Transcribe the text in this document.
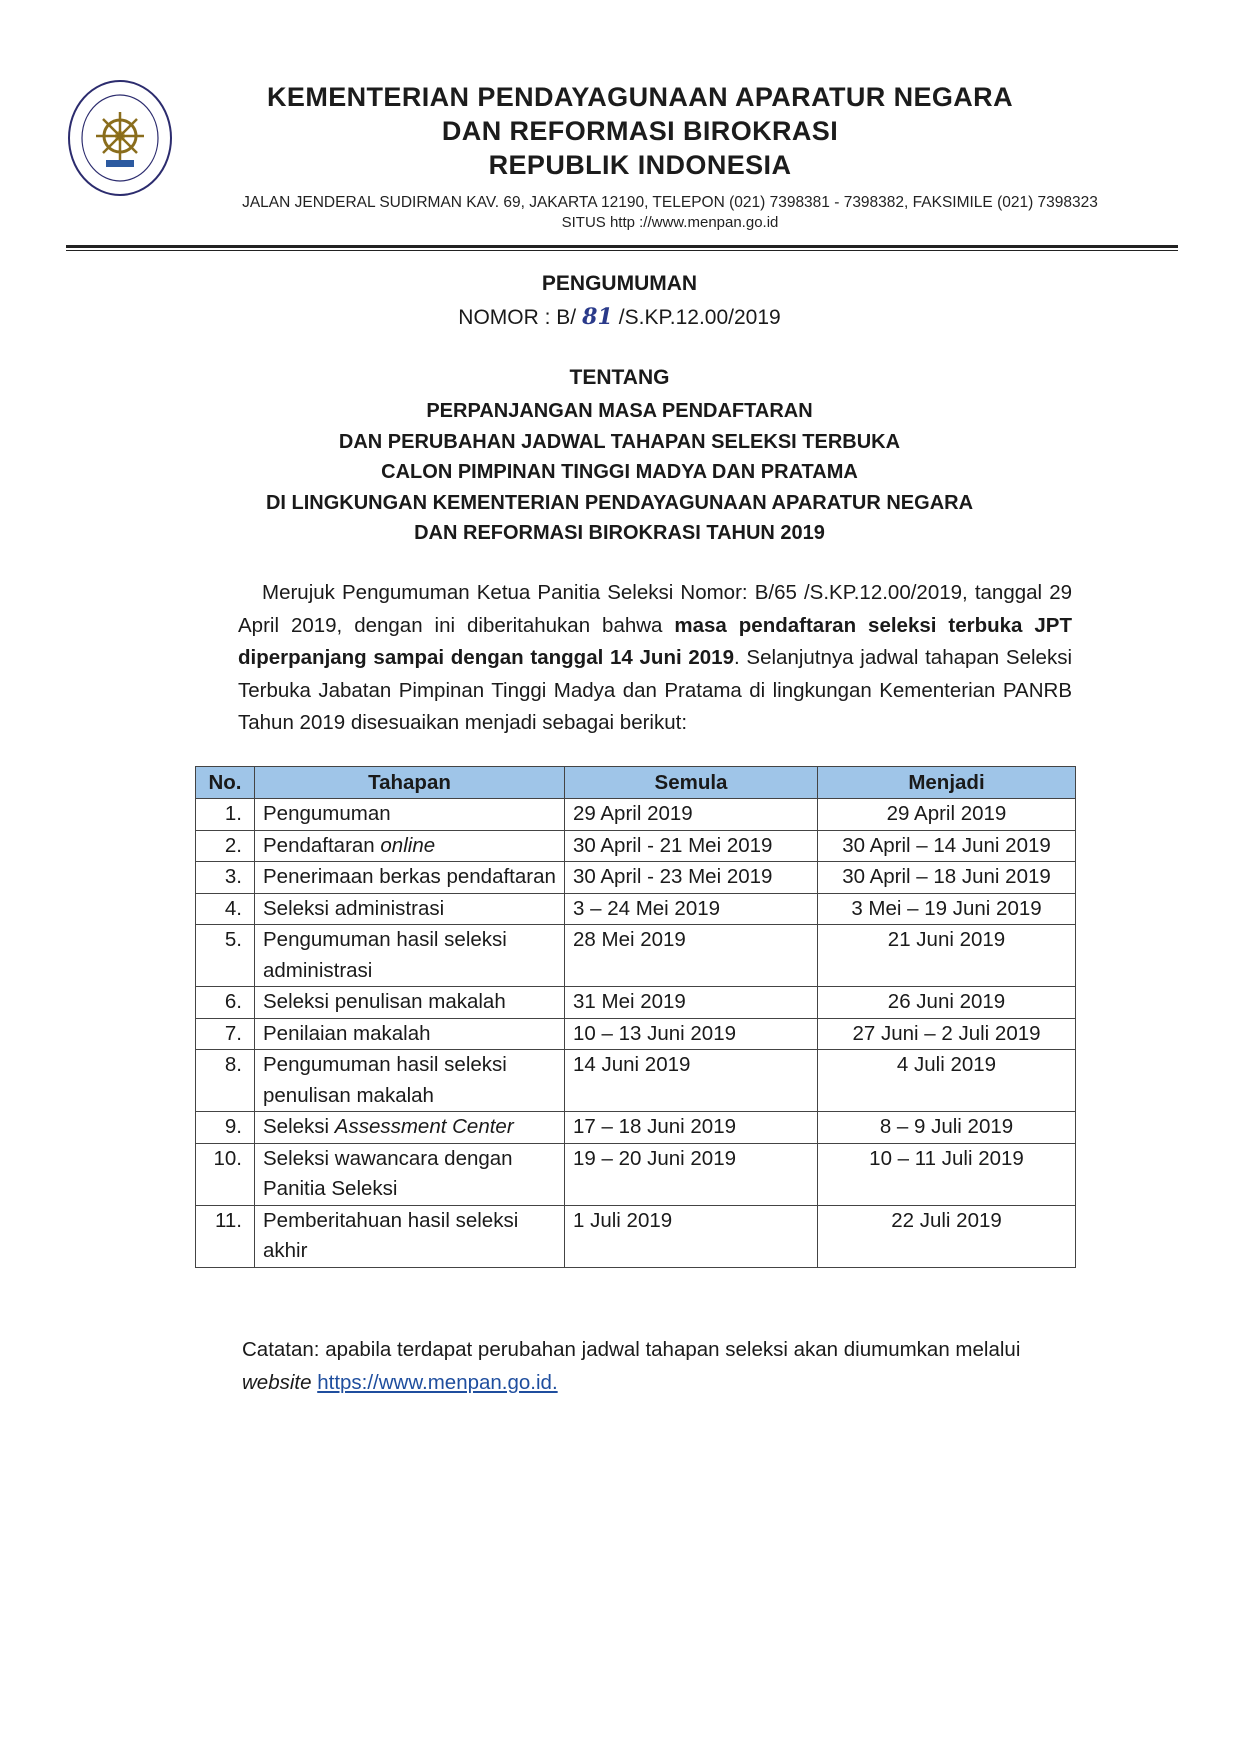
KEMENTERIAN PENDAYAGUNAAN APARATUR NEGARA
DAN REFORMASI BIROKRASI
REPUBLIK INDONESIA
JALAN JENDERAL SUDIRMAN KAV. 69, JAKARTA 12190, TELEPON (021) 7398381 - 7398382, FAKSIMILE (021) 7398323
SITUS http ://www.menpan.go.id
PENGUMUMAN
NOMOR : B/ 81 /S.KP.12.00/2019
TENTANG
PERPANJANGAN MASA PENDAFTARAN
DAN PERUBAHAN JADWAL TAHAPAN SELEKSI TERBUKA
CALON PIMPINAN TINGGI MADYA DAN PRATAMA
DI LINGKUNGAN KEMENTERIAN PENDAYAGUNAAN APARATUR NEGARA
DAN REFORMASI BIROKRASI TAHUN 2019
Merujuk Pengumuman Ketua Panitia Seleksi Nomor: B/65 /S.KP.12.00/2019, tanggal 29 April 2019, dengan ini diberitahukan bahwa masa pendaftaran seleksi terbuka JPT diperpanjang sampai dengan tanggal 14 Juni 2019. Selanjutnya jadwal tahapan Seleksi Terbuka Jabatan Pimpinan Tinggi Madya dan Pratama di lingkungan Kementerian PANRB Tahun 2019 disesuaikan menjadi sebagai berikut:
No.	Tahapan	Semula	Menjadi
1.	Pengumuman	29 April 2019	29 April 2019
2.	Pendaftaran online	30 April - 21 Mei 2019	30 April – 14 Juni 2019
3.	Penerimaan berkas pendaftaran	30 April - 23 Mei 2019	30 April – 18 Juni 2019
4.	Seleksi administrasi	3 – 24 Mei 2019	3 Mei – 19 Juni 2019
5.	Pengumuman hasil seleksi administrasi	28 Mei 2019	21 Juni 2019
6.	Seleksi penulisan makalah	31 Mei 2019	26 Juni 2019
7.	Penilaian makalah	10 – 13 Juni 2019	27 Juni – 2 Juli 2019
8.	Pengumuman hasil seleksi penulisan makalah	14 Juni 2019	4 Juli 2019
9.	Seleksi Assessment Center	17 – 18 Juni 2019	8 – 9 Juli 2019
10.	Seleksi wawancara dengan Panitia Seleksi	19 – 20 Juni 2019	10 – 11 Juli 2019
11.	Pemberitahuan hasil seleksi akhir	1 Juli 2019	22 Juli 2019
Catatan: apabila terdapat perubahan jadwal tahapan seleksi akan diumumkan melalui website https://www.menpan.go.id.
